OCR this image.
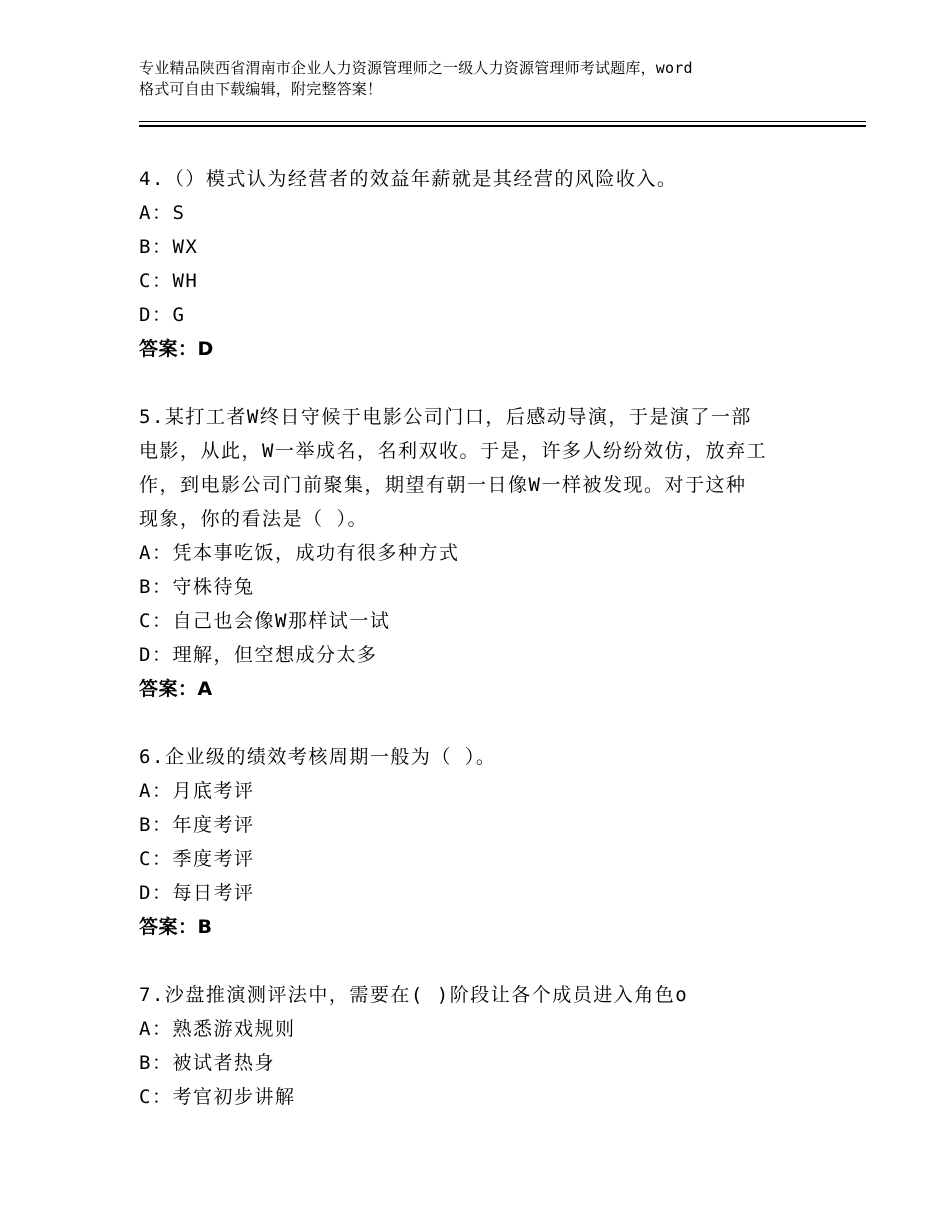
专业精品陕西省渭南市企业人力资源管理师之一级人力资源管理师考试题库，word
格式可自由下载编辑，附完整答案！

4.（）模式认为经营者的效益年薪就是其经营的风险收入。

A：S

B：WX

C：WH

D：G

答案：D

5.某打工者W终日守候于电影公司门口，后感动导演，于是演了一部
电影，从此，W一举成名，名利双收。于是，许多人纷纷效仿，放弃工
作，到电影公司门前聚集，期望有朝一日像W一样被发现。对于这种
现象，你的看法是（ ）。

A：凭本事吃饭，成功有很多种方式

B：守株待兔

C：自己也会像W那样试一试

D：理解，但空想成分太多

答案：A

6.企业级的绩效考核周期一般为（ ）。

A：月底考评

B：年度考评

C：季度考评

D：每日考评

答案：B

7.沙盘推演测评法中，需要在( )阶段让各个成员进入角色o

A：熟悉游戏规则

B：被试者热身

C：考官初步讲解
